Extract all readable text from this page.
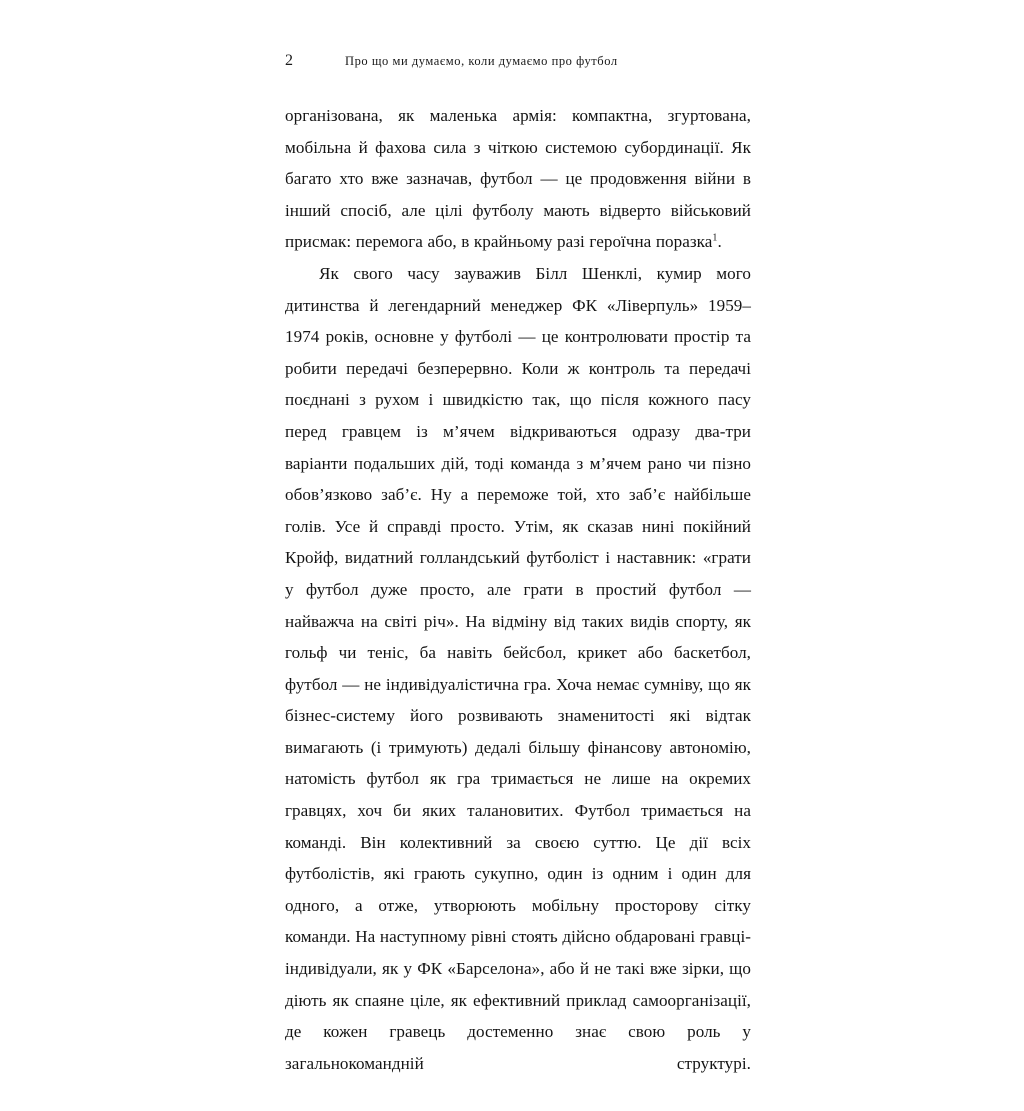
2	Про що ми думаємо, коли думаємо про футбол

організована, як маленька армія: компактна, згуртована, мобільна й фахова сила з чіткою системою субординації. Як багато хто вже зазначав, футбол — це продовження війни в інший спосіб, але цілі футболу мають відверто військовий присмак: перемога або, в крайньому разі героїчна поразка$^1$.

Як свого часу зауважив Білл Шенклі, кумир мого дитинства й легендарний менеджер ФК «Ліверпуль» 1959–1974 років, основне у футболі — це контролювати простір та робити передачі безперервно. Коли ж контроль та передачі поєднані з рухом і швидкістю так, що після кожного пасу перед гравцем із м’ячем відкриваються одразу два-три варіанти подальших дій, тоді команда з м’ячем рано чи пізно обов’язково заб’є. Ну а переможе той, хто заб’є найбільше голів. Усе й справді просто. Утім, як сказав нині покійний Кройф, видатний голландський футболіст і наставник: «грати у футбол дуже просто, але грати в простий футбол — найважча на світі річ». На відміну від таких видів спорту, як гольф чи теніс, ба навіть бейсбол, крикет або баскетбол, футбол — не індивідуалістична гра. Хоча немає сумніву, що як бізнес-систему його розвивають знаменитості які відтак вимагають (і тримують) дедалі більшу фінансову автономію, натомість футбол як гра тримається не лише на окремих гравцях, хоч би яких талановитих. Футбол тримається на команді. Він колективний за своєю суттю. Це дії всіх футболістів, які грають сукупно, один із одним і один для одного, а отже, утворюють мобільну просторову сітку команди. На наступному рівні стоять дійсно обдаровані гравці-індивідуали, як у ФК «Барселона», або й не такі вже зірки, що діють як спаяне ціле, як ефективний приклад самоорганізації, де кожен гравець достеменно знає свою роль у загальнокомандній структурі.
